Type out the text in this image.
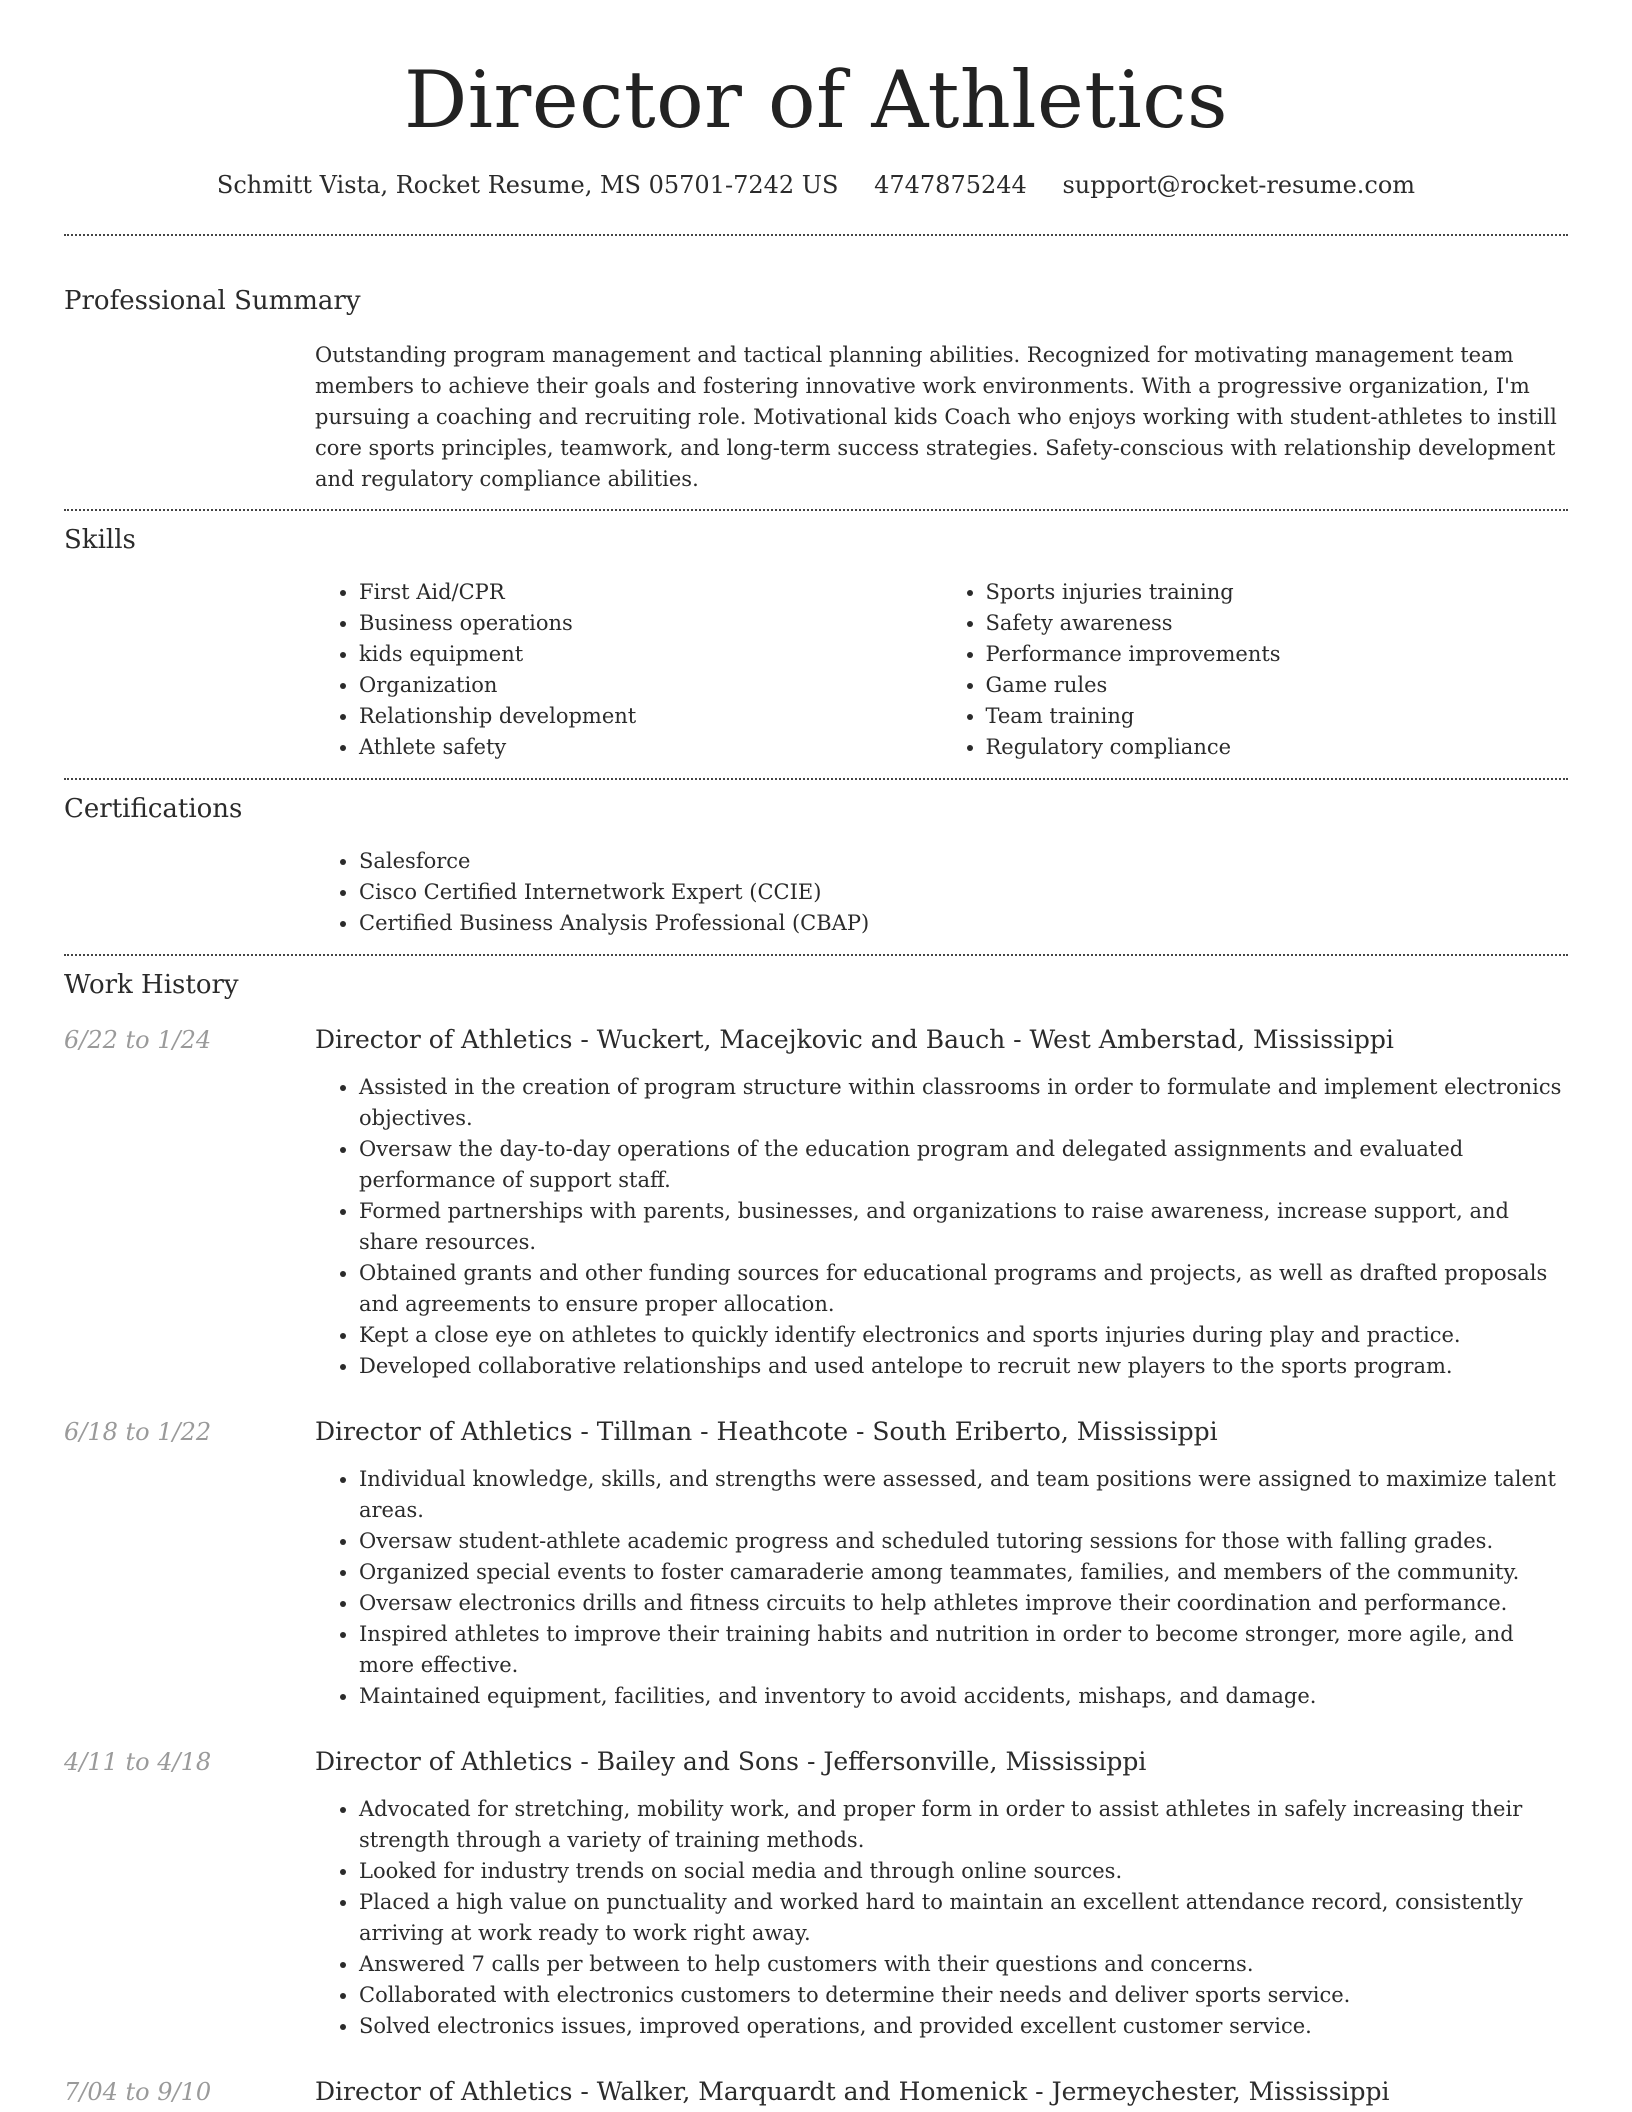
Director of Athletics
Schmitt Vista, Rocket Resume, MS 05701-7242 US 4747875244 support@rocket-resume.com
Professional Summary

Outstanding program management and tactical planning abilities. Recognized for motivating management team members to achieve their goals and fostering innovative work environments. With a progressive organization, I'm pursuing a coaching and recruiting role. Motivational kids Coach who enjoys working with student-athletes to instill core sports principles, teamwork, and long-term success strategies. Safety-conscious with relationship development and regulatory compliance abilities.

Skills
• First Aid/CPR
• Business operations
• kids equipment
• Organization
• Relationship development
• Athlete safety
• Sports injuries training
• Safety awareness
• Performance improvements
• Game rules
• Team training
• Regulatory compliance
Certifications
• Salesforce
• Cisco Certified Internetwork Expert (CCIE)
• Certified Business Analysis Professional (CBAP)
Work History
6/22 to 1/24	Director of Athletics - Wuckert, Macejkovic and Bauch - West Amberstad, Mississippi
• Assisted in the creation of program structure within classrooms in order to formulate and implement electronics objectives.
• Oversaw the day-to-day operations of the education program and delegated assignments and evaluated performance of support staff.
• Formed partnerships with parents, businesses, and organizations to raise awareness, increase support, and share resources.
• Obtained grants and other funding sources for educational programs and projects, as well as drafted proposals and agreements to ensure proper allocation.
• Kept a close eye on athletes to quickly identify electronics and sports injuries during play and practice.
• Developed collaborative relationships and used antelope to recruit new players to the sports program.
6/18 to 1/22	Director of Athletics - Tillman - Heathcote - South Eriberto, Mississippi
• Individual knowledge, skills, and strengths were assessed, and team positions were assigned to maximize talent areas.
• Oversaw student-athlete academic progress and scheduled tutoring sessions for those with falling grades.
• Organized special events to foster camaraderie among teammates, families, and members of the community.
• Oversaw electronics drills and fitness circuits to help athletes improve their coordination and performance.
• Inspired athletes to improve their training habits and nutrition in order to become stronger, more agile, and more effective.
• Maintained equipment, facilities, and inventory to avoid accidents, mishaps, and damage.
4/11 to 4/18	Director of Athletics - Bailey and Sons - Jeffersonville, Mississippi
• Advocated for stretching, mobility work, and proper form in order to assist athletes in safely increasing their strength through a variety of training methods.
• Looked for industry trends on social media and through online sources.
• Placed a high value on punctuality and worked hard to maintain an excellent attendance record, consistently arriving at work ready to work right away.
• Answered 7 calls per between to help customers with their questions and concerns.
• Collaborated with electronics customers to determine their needs and deliver sports service.
• Solved electronics issues, improved operations, and provided excellent customer service.
7/04 to 9/10	Director of Athletics - Walker, Marquardt and Homenick - Jermeychester, Mississippi
